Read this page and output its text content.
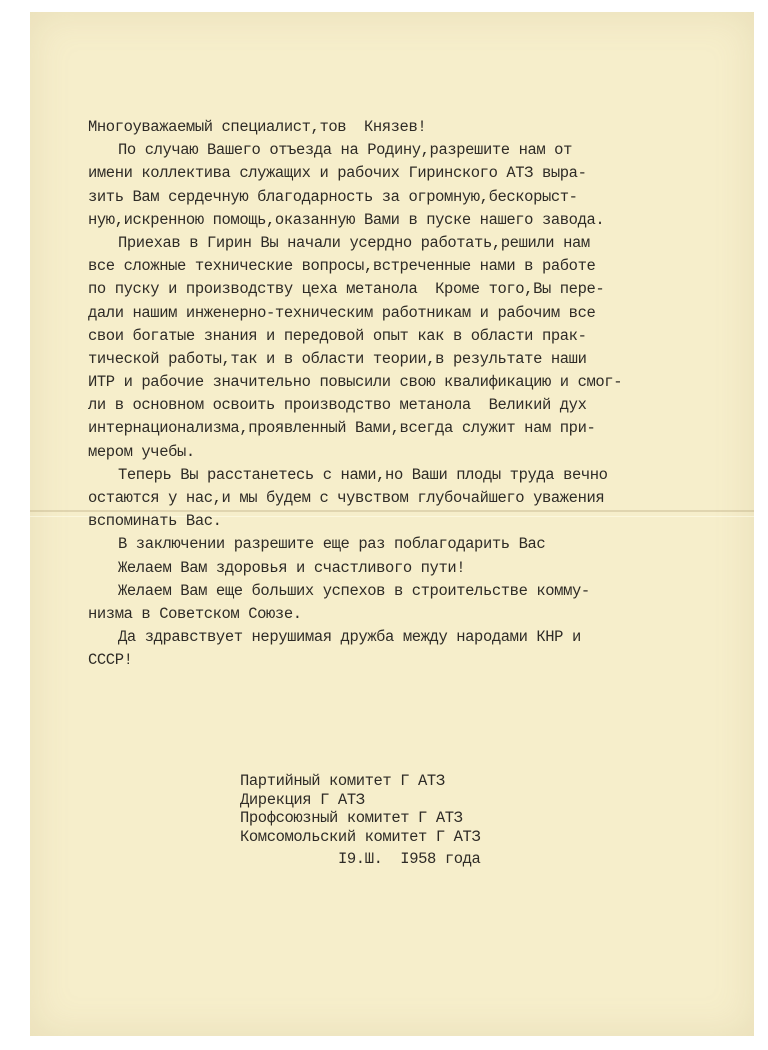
Многоуважаемый специалист,тов  Князев!
По случаю Вашего отъезда на Родину,разрешите нам от
имени коллектива служащих и рабочих Гиринского АТЗ выра-
зить Вам сердечную благодарность за огромную,бескорыст-
ную,искренною помощь,оказанную Вами в пуске нашего завода.
Приехав в Гирин Вы начали усердно работать,решили нам
все сложные технические вопросы,встреченные нами в работе
по пуску и производству цеха метанола  Кроме того,Вы пере-
дали нашим инженерно-техническим работникам и рабочим все
свои богатые знания и передовой опыт как в области прак-
тической работы,так и в области теории,в результате наши
ИТР и рабочие значительно повысили свою квалификацию и смог-
ли в основном освоить производство метанола  Великий дух
интернационализма,проявленный Вами,всегда служит нам при-
мером учебы.
Теперь Вы расстанетесь с нами,но Ваши плоды труда вечно
остаются у нас,и мы будем с чувством глубочайшего уважения
вспоминать Вас.
В заключении разрешите еще раз поблагодарить Вас
Желаем Вам здоровья и счастливого пути!
Желаем Вам еще больших успехов в строительстве комму-
низма в Советском Союзе.
Да здравствует нерушимая дружба между народами КНР и
СССР!
Партийный комитет Г АТЗ
Дирекция Г АТЗ
Профсоюзный комитет Г АТЗ
Комсомольский комитет Г АТЗ
I9.Ш.  I958 года
